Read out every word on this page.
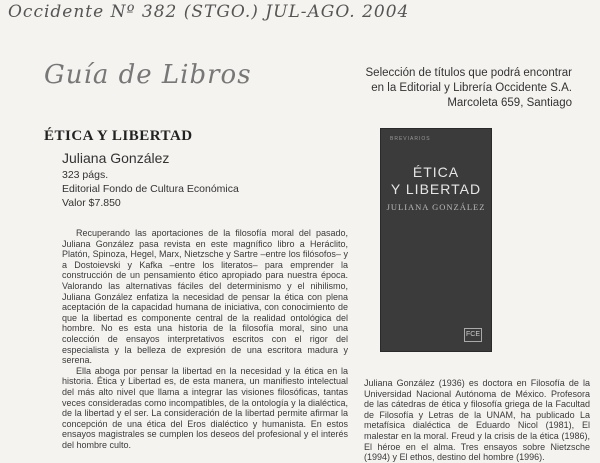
Occidente Nº 382 (STGO.) JUL-AGO. 2004
Guía de Libros	Selección de títulos que podrá encontrar
en la Editorial y Librería Occidente S.A.
Marcoleta 659, Santiago
ÉTICA Y LIBERTAD
Juliana González
323 págs.
Editorial Fondo de Cultura Económica
Valor $7.850

Recuperando las aportaciones de la filosofía moral del pasado, Juliana González pasa revista en este magnífico libro a Heráclito, Platón, Spinoza, Hegel, Marx, Nietzsche y Sartre –entre los filósofos– y a Dostoievski y Kafka –entre los literatos– para emprender la construcción de un pensamiento ético apropiado para nuestra época. Valorando las alternativas fáciles del determinismo y el nihilismo, Juliana González enfatiza la necesidad de pensar la ética con plena aceptación de la capacidad humana de iniciativa, con conocimiento de que la libertad es componente central de la realidad ontológica del hombre. No es esta una historia de la filosofía moral, sino una colección de ensayos interpretativos escritos con el rigor del especialista y la belleza de expresión de una escritora madura y serena.

Ella aboga por pensar la libertad en la necesidad y la ética en la historia. Ética y Libertad es, de esta manera, un manifiesto intelectual del más alto nivel que llama a integrar las visiones filosóficas, tantas veces consideradas como incompatibles, de la ontología y la dialéctica, de la libertad y el ser. La consideración de la libertad permite afirmar la concepción de una ética del Eros dialéctico y humanista. En estos ensayos magistrales se cumplen los deseos del profesional y el interés del hombre culto.

BREVIARIOS
ÉTICA
Y LIBERTAD
JULIANA GONZÁLEZ
FCE
Juliana González (1936) es doctora en Filosofía de la Universidad Nacional Autónoma de México. Profesora de las cátedras de ética y filosofía griega de la Facultad de Filosofía y Letras de la UNAM, ha publicado La metafísica dialéctica de Eduardo Nicol (1981), El malestar en la moral. Freud y la crisis de la ética (1986), El héroe en el alma. Tres ensayos sobre Nietzsche (1994) y El ethos, destino del hombre (1996).
